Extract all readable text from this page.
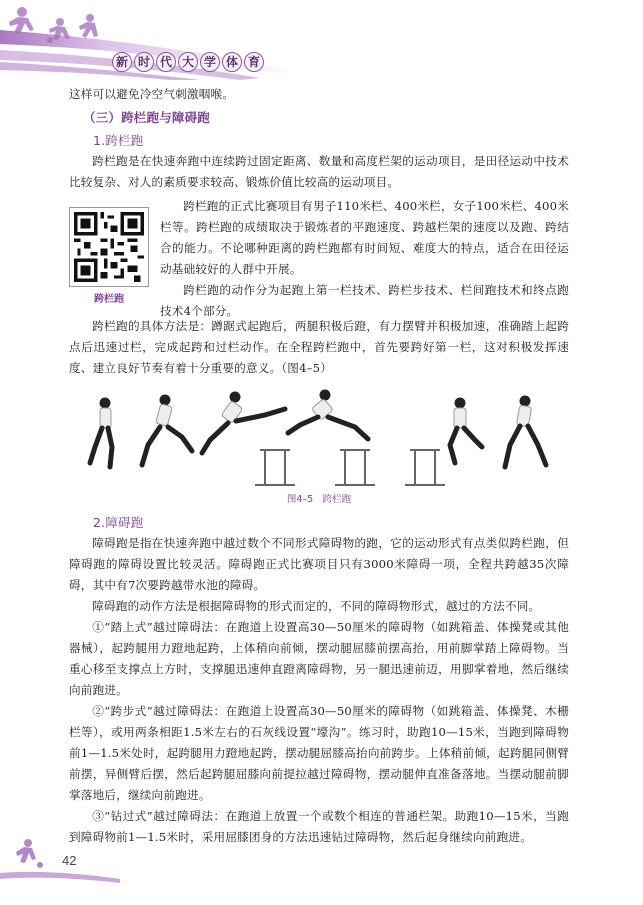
新 时 代 大 学 体 育

这样可以避免冷空气刺激咽喉。

（三）跨栏跑与障碍跑

1.跨栏跑

跨栏跑是在快速奔跑中连续跨过固定距离、数量和高度栏架的运动项目，是田径运动中技术比较复杂、对人的素质要求较高、锻炼价值比较高的运动项目。

跨栏跑

跨栏跑的正式比赛项目有男子110米栏、400米栏，女子100米栏、400米栏等。跨栏跑的成绩取决于锻炼者的平跑速度、跨越栏架的速度以及跑、跨结合的能力。不论哪种距离的跨栏跑都有时间短、难度大的特点，适合在田径运动基础较好的人群中开展。

跨栏跑的动作分为起跑上第一栏技术、跨栏步技术、栏间跑技术和终点跑技术4个部分。

跨栏跑的具体方法是：蹲踞式起跑后，两腿积极后蹬，有力摆臂并积极加速，准确踏上起跨点后迅速过栏，完成起跨和过栏动作。在全程跨栏跑中，首先要跨好第一栏，这对积极发挥速度、建立良好节奏有着十分重要的意义。（图4–5）

图4–5　跨栏跑

2.障碍跑

障碍跑是指在快速奔跑中越过数个不同形式障碍物的跑，它的运动形式有点类似跨栏跑，但障碍跑的障碍设置比较灵活。障碍跑正式比赛项目只有3000米障碍一项，全程共跨越35次障碍，其中有7次要跨越带水池的障碍。

障碍跑的动作方法是根据障碍物的形式而定的，不同的障碍物形式，越过的方法不同。

①“踏上式”越过障碍法：在跑道上设置高30—50厘米的障碍物（如跳箱盖、体操凳或其他器械），起跨腿用力蹬地起跨，上体稍向前倾，摆动腿屈膝前摆高抬，用前脚掌踏上障碍物。当重心移至支撑点上方时，支撑腿迅速伸直蹬离障碍物，另一腿迅速前迈，用脚掌着地，然后继续向前跑进。

②“跨步式”越过障碍法：在跑道上设置高30—50厘米的障碍物（如跳箱盖、体操凳、木栅栏等），或用两条相距1.5米左右的石灰线设置“壕沟”。练习时，助跑10—15米，当跑到障碍物前1—1.5米处时，起跨腿用力蹬地起跨，摆动腿屈膝高抬向前跨步。上体稍前倾，起跨腿同侧臂前摆，异侧臂后摆，然后起跨腿屈膝向前提拉越过障碍物，摆动腿伸直准备落地。当摆动腿前脚掌落地后，继续向前跑进。

③“钻过式”越过障碍法：在跑道上放置一个或数个相连的普通栏架。助跑10—15米，当跑到障碍物前1—1.5米时，采用屈膝团身的方法迅速钻过障碍物，然后起身继续向前跑进。

42
